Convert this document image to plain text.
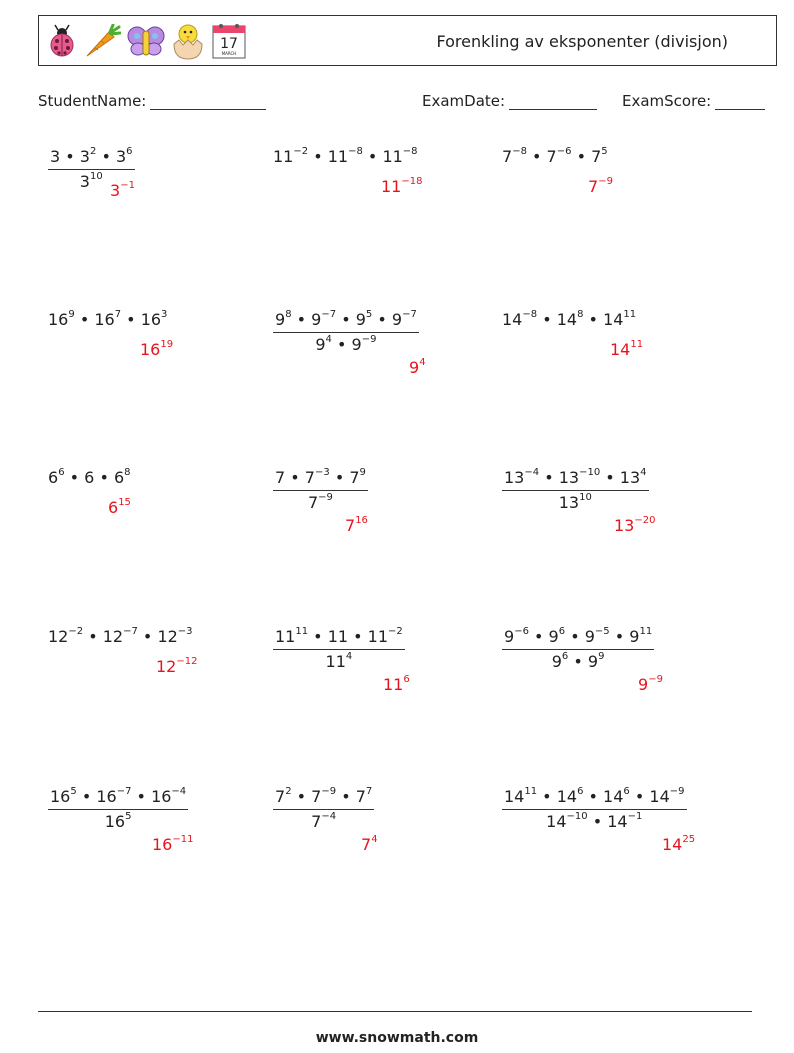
17
MARCH
Forenkling av eksponenter (divisjon)
StudentName:	ExamDate:	ExamScore:
$\frac{3 • 3^2 • 3^6}{3^{10}}$
$3^{-1}$
$11^{-2}$ • $11^{-8}$ • $11^{-8}$
$11^{-18}$
$7^{-8}$ • $7^{-6}$ • $7^5$
$7^{-9}$
$16^9$ • $16^7$ • $16^3$
$16^{19}$	$\frac{9^8 • 9^{-7} • 9^5 • 9^{-7}}{9^4 • 9^{-9}}$
$9^4$
$14^{-8}$ • $14^8$ • $14^{11}$
$14^{11}$
$6^6$ • 6 • $6^8$
$6^{15}$	$\frac{7 • 7^{-3} • 7^9}{7^{-9}}$
$7^{16}$
$\frac{13^{-4} • 13^{-10} • 13^4}{13^{10}}$
$13^{-20}$
$12^{-2}$ • $12^{-7}$ • $12^{-3}$
$12^{-12}$	$\frac{11^{11} • 11 • 11^{-2}}{11^4}$
$11^6$
$\frac{9^{-6} • 9^6 • 9^{-5} • 9^{11}}{9^6 • 9^9}$
$9^{-9}$
$\frac{16^5 • 16^{-7} • 16^{-4}}{16^5}$
$16^{-11}$
$\frac{7^2 • 7^{-9} • 7^7}{7^{-4}}$
$7^4$
$\frac{14^{11} • 14^6 • 14^6 • 14^{-9}}{14^{-10} • 14^{-1}}$
$14^{25}$
www.snowmath.com
